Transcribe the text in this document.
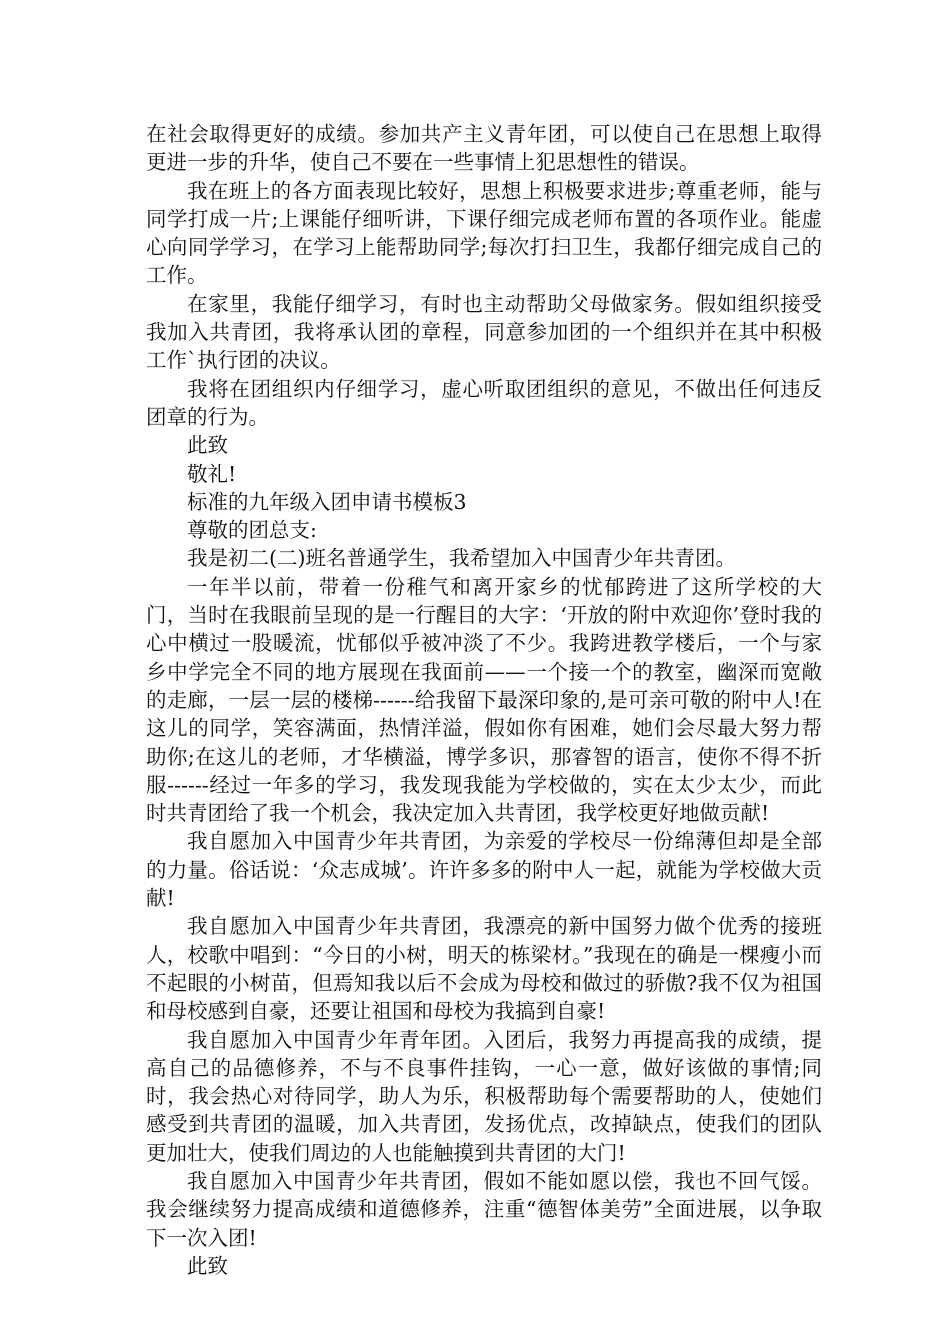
在社会取得更好的成绩。参加共产主义青年团，可以使自己在思想上取得更进一步的升华，使自己不要在一些事情上犯思想性的错误。

我在班上的各方面表现比较好，思想上积极要求进步;尊重老师，能与同学打成一片;上课能仔细听讲，下课仔细完成老师布置的各项作业。能虚心向同学学习，在学习上能帮助同学;每次打扫卫生，我都仔细完成自己的工作。

在家里，我能仔细学习，有时也主动帮助父母做家务。假如组织接受我加入共青团，我将承认团的章程，同意参加团的一个组织并在其中积极工作`执行团的决议。

我将在团组织内仔细学习，虚心听取团组织的意见，不做出任何违反团章的行为。

此致

敬礼!

标准的九年级入团申请书模板3

尊敬的团总支:

我是初二(二)班名普通学生，我希望加入中国青少年共青团。

一年半以前，带着一份稚气和离开家乡的忧郁跨进了这所学校的大门，当时在我眼前呈现的是一行醒目的大字：‘开放的附中欢迎你’登时我的心中横过一股暖流，忧郁似乎被冲淡了不少。我跨进教学楼后，一个与家乡中学完全不同的地方展现在我面前——一个接一个的教室，幽深而宽敞的走廊，一层一层的楼梯------给我留下最深印象的,是可亲可敬的附中人!在这儿的同学，笑容满面，热情洋溢，假如你有困难，她们会尽最大努力帮助你;在这儿的老师，才华横溢，博学多识，那睿智的语言，使你不得不折服------经过一年多的学习，我发现我能为学校做的，实在太少太少，而此时共青团给了我一个机会，我决定加入共青团，我学校更好地做贡献!

我自愿加入中国青少年共青团，为亲爱的学校尽一份绵薄但却是全部的力量。俗话说：‘众志成城’。许许多多的附中人一起，就能为学校做大贡献!

我自愿加入中国青少年共青团，我漂亮的新中国努力做个优秀的接班人，校歌中唱到：“今日的小树，明天的栋梁材。”我现在的确是一棵瘦小而不起眼的小树苗，但焉知我以后不会成为母校和做过的骄傲?我不仅为祖国和母校感到自豪，还要让祖国和母校为我搞到自豪!

我自愿加入中国青少年青年团。入团后，我努力再提高我的成绩，提高自己的品德修养，不与不良事件挂钩，一心一意，做好该做的事情;同时，我会热心对待同学，助人为乐，积极帮助每个需要帮助的人，使她们感受到共青团的温暖，加入共青团，发扬优点，改掉缺点，使我们的团队更加壮大，使我们周边的人也能触摸到共青团的大门!

我自愿加入中国青少年共青团，假如不能如愿以偿，我也不回气馁。我会继续努力提高成绩和道德修养，注重“德智体美劳”全面进展，以争取下一次入团!

此致
